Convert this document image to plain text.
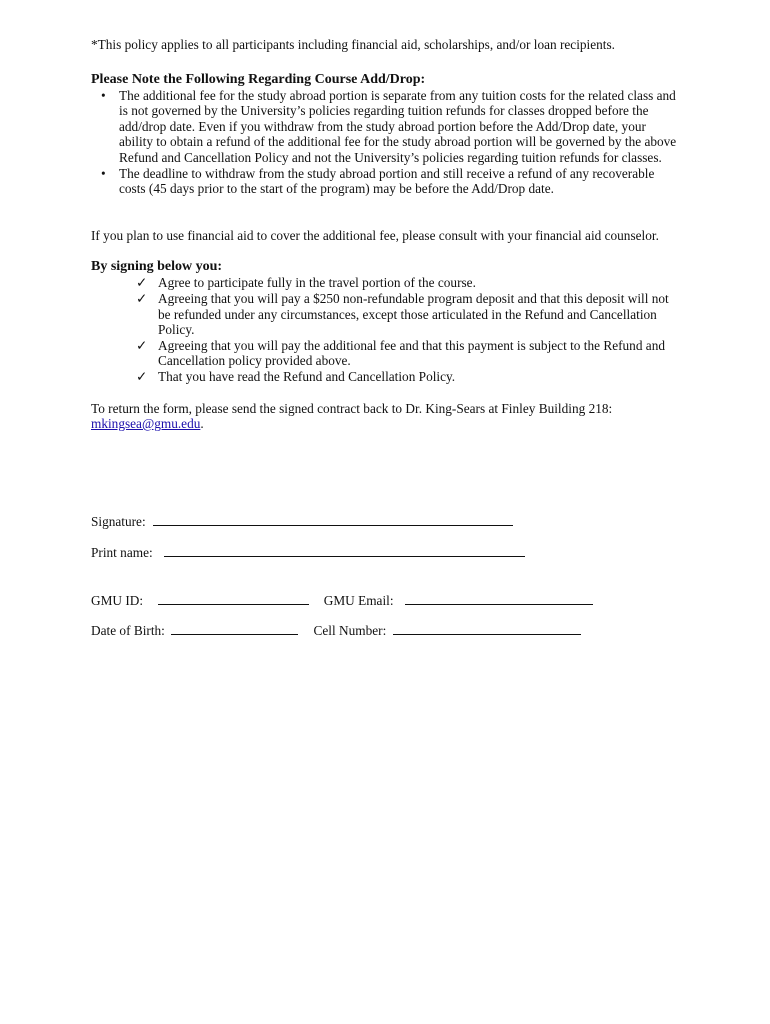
*This policy applies to all participants including financial aid, scholarships, and/or loan recipients.

Please Note the Following Regarding Course Add/Drop:

• The additional fee for the study abroad portion is separate from any tuition costs for the related class and is not governed by the University’s policies regarding tuition refunds for classes dropped before the add/drop date. Even if you withdraw from the study abroad portion before the Add/Drop date, your ability to obtain a refund of the additional fee for the study abroad portion will be governed by the above Refund and Cancellation Policy and not the University’s policies regarding tuition refunds for classes.
• The deadline to withdraw from the study abroad portion and still receive a refund of any recoverable costs (45 days prior to the start of the program) may be before the Add/Drop date.

If you plan to use financial aid to cover the additional fee, please consult with your financial aid counselor.

By signing below you:

✓ Agree to participate fully in the travel portion of the course.
✓ Agreeing that you will pay a $250 non-refundable program deposit and that this deposit will not be refunded under any circumstances, except those articulated in the Refund and Cancellation Policy.
✓ Agreeing that you will pay the additional fee and that this payment is subject to the Refund and Cancellation policy provided above.
✓ That you have read the Refund and Cancellation Policy.

To return the form, please send the signed contract back to Dr. King-Sears at Finley Building 218: mkingsea@gmu.edu.

Signature:
Print name:
GMU ID:	GMU Email:
Date of Birth:	Cell Number:
